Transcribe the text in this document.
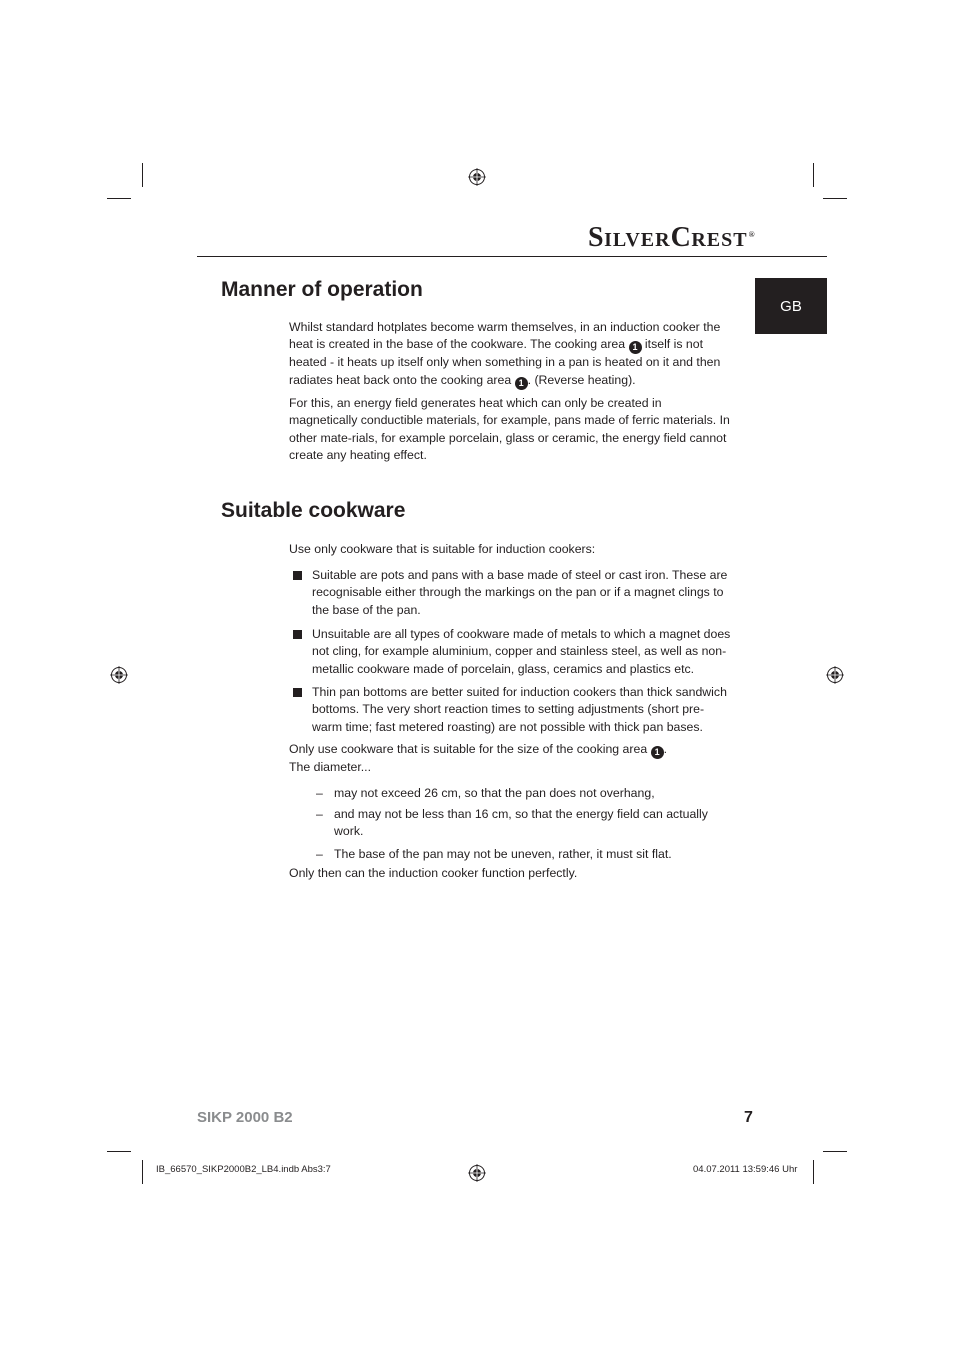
SILVERCREST®
GB
Manner of operation

Whilst standard hotplates become warm themselves, in an induction cooker the heat is created in the base of the cookware. The cooking area 1 itself is not heated - it heats up itself only when something in a pan is heated on it and then radiates heat back onto the cooking area 1 . (Reverse heating).

For this, an energy field generates heat which can only be created in magnetically conductible materials, for example, pans made of ferric materials. In other mate-rials, for example porcelain, glass or ceramic, the energy field cannot create any heating effect.

Suitable cookware

Use only cookware that is suitable for induction cookers:

Suitable are pots and pans with a base made of steel or cast iron. These are recognisable either through the markings on the pan or if a magnet clings to the base of the pan.
Unsuitable are all types of cookware made of metals to which a magnet does not cling, for example aluminium, copper and stainless steel, as well as non-metallic cookware made of porcelain, glass, ceramics and plastics etc.
Thin pan bottoms are better suited for induction cookers than thick sandwich bottoms. The very short reaction times to setting adjustments (short pre-warm time; fast metered roasting) are not possible with thick pan bases.

Only use cookware that is suitable for the size of the cooking area 1 .

The diameter...

– may not exceed 26 cm, so that the pan does not overhang,
– and may not be less than 16 cm, so that the energy field can actually work.
– The base of the pan may not be uneven, rather, it must sit flat.

Only then can the induction cooker function perfectly.

SIKP 2000 B2	7
IB_66570_SIKP2000B2_LB4.indb Abs3:7	04.07.2011 13:59:46 Uhr
